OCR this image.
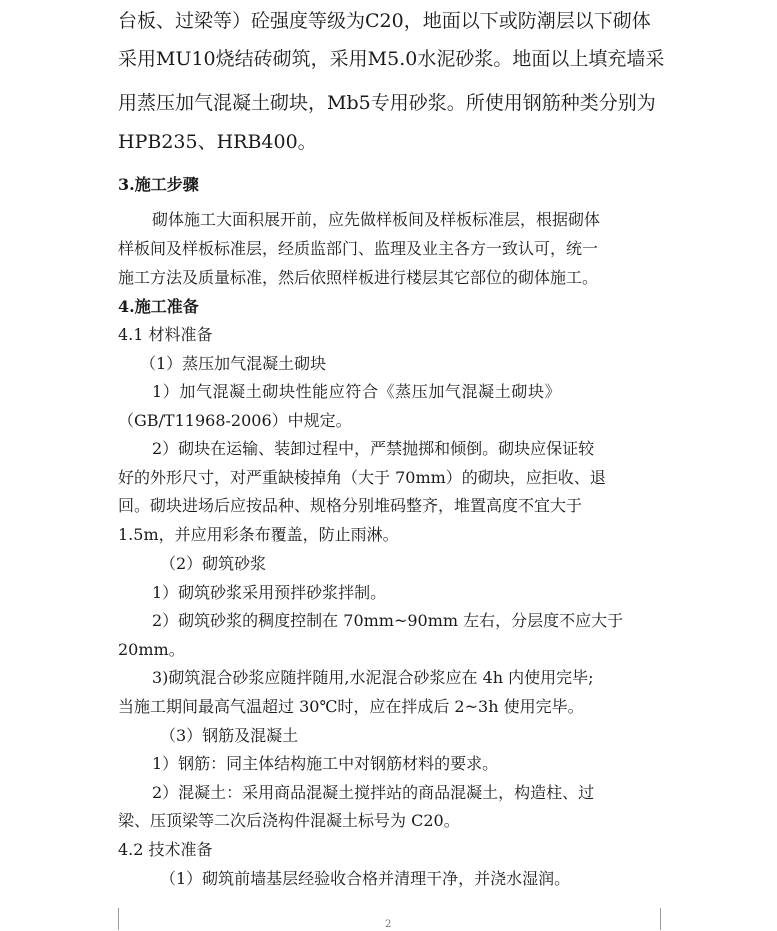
台板、过梁等）砼强度等级为C20，地面以下或防潮层以下砌体
采用MU10烧结砖砌筑，采用M5.0水泥砂浆。地面以上填充墙采
用蒸压加气混凝土砌块，Mb5专用砂浆。所使用钢筋种类分别为
HPB235、HRB400。
3.施工步骤
砌体施工大面积展开前，应先做样板间及样板标准层，根据砌体
样板间及样板标准层，经质监部门、监理及业主各方一致认可，统一
施工方法及质量标准，然后依照样板进行楼层其它部位的砌体施工。
4.施工准备
4.1 材料准备
（1）蒸压加气混凝土砌块
1）加气混凝土砌块性能应符合《蒸压加气混凝土砌块》
（GB/T11968-2006）中规定。
2）砌块在运输、装卸过程中，严禁抛掷和倾倒。砌块应保证较
好的外形尺寸，对严重缺棱掉角（大于 70mm）的砌块，应拒收、退
回。砌块进场后应按品种、规格分别堆码整齐，堆置高度不宜大于
1.5m，并应用彩条布覆盖，防止雨淋。
（2）砌筑砂浆
1）砌筑砂浆采用预拌砂浆拌制。
2）砌筑砂浆的稠度控制在 70mm~90mm 左右，分层度不应大于
20mm。
3)砌筑混合砂浆应随拌随用,水泥混合砂浆应在 4h 内使用完毕;
当施工期间最高气温超过 30℃时，应在拌成后 2~3h 使用完毕。
（3）钢筋及混凝土
1）钢筋：同主体结构施工中对钢筋材料的要求。
2）混凝土：采用商品混凝土搅拌站的商品混凝土，构造柱、过
梁、压顶梁等二次后浇构件混凝土标号为 C20。
4.2 技术准备
（1）砌筑前墙基层经验收合格并清理干净，并浇水湿润。
2
